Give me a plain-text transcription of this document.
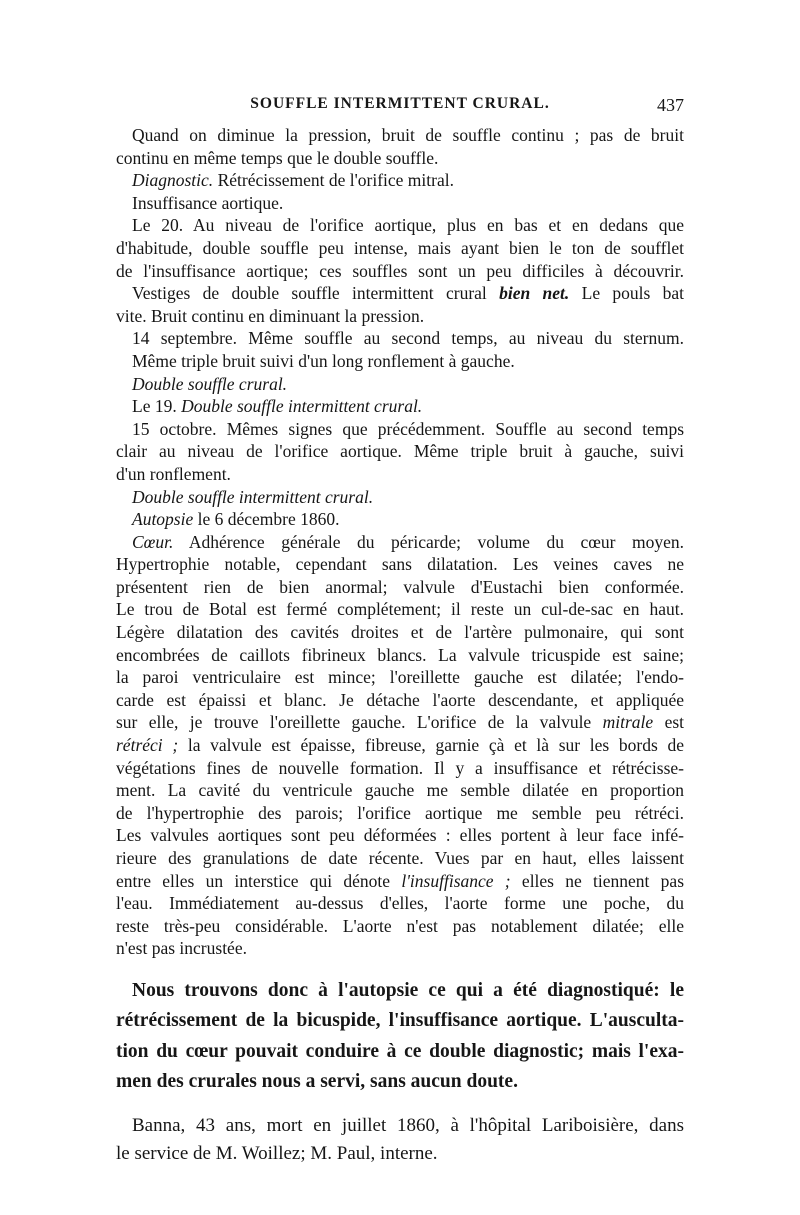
SOUFFLE INTERMITTENT CRURAL.	437
Quand on diminue la pression, bruit de souffle continu ; pas de bruit
continu en même temps que le double souffle.
Diagnostic. Rétrécissement de l'orifice mitral.
Insuffisance aortique.
Le 20. Au niveau de l'orifice aortique, plus en bas et en dedans que
d'habitude, double souffle peu intense, mais ayant bien le ton de soufflet
de l'insuffisance aortique; ces souffles sont un peu difficiles à découvrir.
Vestiges de double souffle intermittent crural bien net. Le pouls bat
vite. Bruit continu en diminuant la pression.
14 septembre. Même souffle au second temps, au niveau du sternum.
Même triple bruit suivi d'un long ronflement à gauche.
Double souffle crural.
Le 19. Double souffle intermittent crural.
15 octobre. Mêmes signes que précédemment. Souffle au second temps
clair au niveau de l'orifice aortique. Même triple bruit à gauche, suivi
d'un ronflement.
Double souffle intermittent crural.
Autopsie le 6 décembre 1860.
Cœur. Adhérence générale du péricarde; volume du cœur moyen.
Hypertrophie notable, cependant sans dilatation. Les veines caves ne
présentent rien de bien anormal; valvule d'Eustachi bien conformée.
Le trou de Botal est fermé complétement; il reste un cul-de-sac en haut.
Légère dilatation des cavités droites et de l'artère pulmonaire, qui sont
encombrées de caillots fibrineux blancs. La valvule tricuspide est saine;
la paroi ventriculaire est mince; l'oreillette gauche est dilatée; l'endo-
carde est épaissi et blanc. Je détache l'aorte descendante, et appliquée
sur elle, je trouve l'oreillette gauche. L'orifice de la valvule mitrale est
rétréci ; la valvule est épaisse, fibreuse, garnie çà et là sur les bords de
végétations fines de nouvelle formation. Il y a insuffisance et rétrécisse-
ment. La cavité du ventricule gauche me semble dilatée en proportion
de l'hypertrophie des parois; l'orifice aortique me semble peu rétréci.
Les valvules aortiques sont peu déformées : elles portent à leur face infé-
rieure des granulations de date récente. Vues par en haut, elles laissent
entre elles un interstice qui dénote l'insuffisance ; elles ne tiennent pas
l'eau. Immédiatement au-dessus d'elles, l'aorte forme une poche, du
reste très-peu considérable. L'aorte n'est pas notablement dilatée; elle
n'est pas incrustée.
Nous trouvons donc à l'autopsie ce qui a été diagnostiqué: le
rétrécissement de la bicuspide, l'insuffisance aortique. L'ausculta-
tion du cœur pouvait conduire à ce double diagnostic; mais l'exa-
men des crurales nous a servi, sans aucun doute.
Banna, 43 ans, mort en juillet 1860, à l'hôpital Lariboisière, dans
le service de M. Woillez; M. Paul, interne.
